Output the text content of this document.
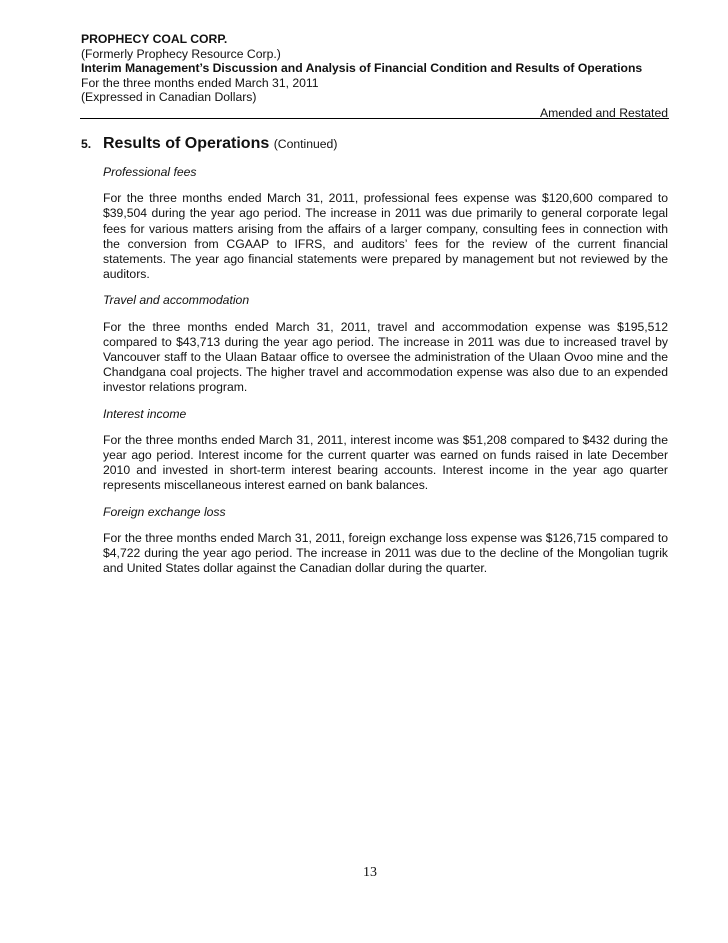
PROPHECY COAL CORP.
(Formerly Prophecy Resource Corp.)
Interim Management’s Discussion and Analysis of Financial Condition and Results of Operations
For the three months ended March 31, 2011
(Expressed in Canadian Dollars)
Amended and Restated
5. Results of Operations (Continued)

Professional fees

For the three months ended March 31, 2011, professional fees expense was $120,600 compared to $39,504 during the year ago period. The increase in 2011 was due primarily to general corporate legal fees for various matters arising from the affairs of a larger company, consulting fees in connection with the conversion from CGAAP to IFRS, and auditors’ fees for the review of the current financial statements. The year ago financial statements were prepared by management but not reviewed by the auditors.

Travel and accommodation

For the three months ended March 31, 2011, travel and accommodation expense was $195,512 compared to $43,713 during the year ago period. The increase in 2011 was due to increased travel by Vancouver staff to the Ulaan Bataar office to oversee the administration of the Ulaan Ovoo mine and the Chandgana coal projects. The higher travel and accommodation expense was also due to an expended investor relations program.

Interest income

For the three months ended March 31, 2011, interest income was $51,208 compared to $432 during the year ago period. Interest income for the current quarter was earned on funds raised in late December 2010 and invested in short-term interest bearing accounts. Interest income in the year ago quarter represents miscellaneous interest earned on bank balances.

Foreign exchange loss

For the three months ended March 31, 2011, foreign exchange loss expense was $126,715 compared to $4,722 during the year ago period. The increase in 2011 was due to the decline of the Mongolian tugrik and United States dollar against the Canadian dollar during the quarter.

13
